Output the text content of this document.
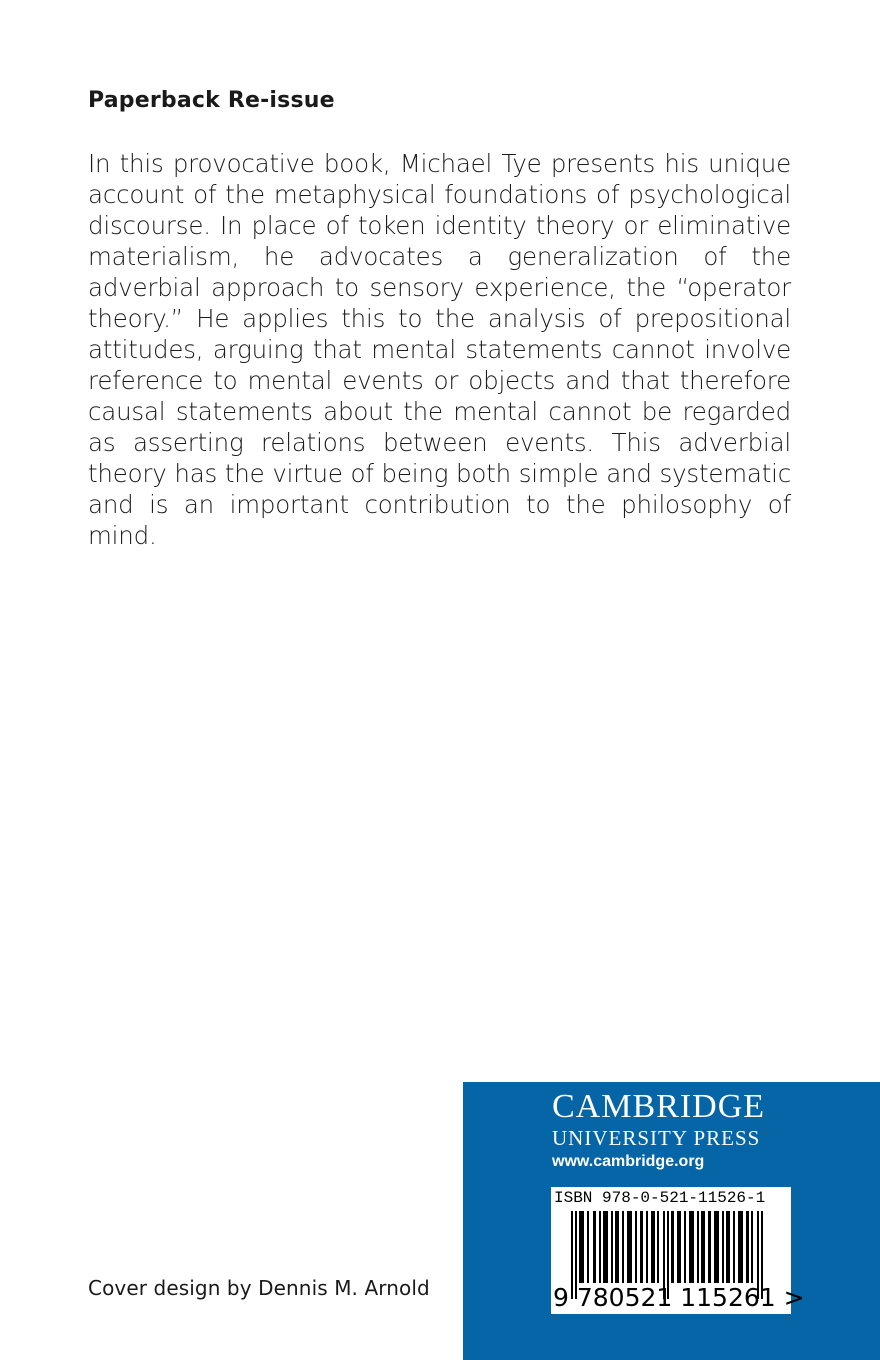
Paperback Re-issue

In this provocative book, Michael Tye presents his unique account of the metaphysical foundations of psychological discourse. In place of token identity theory or eliminative materialism, he advocates a generalization of the adverbial approach to sensory experience, the “operator theory.” He applies this to the analysis of prepositional attitudes, arguing that mental statements cannot involve reference to mental events or objects and that therefore causal statements about the mental cannot be regarded as asserting relations between events. This adverbial theory has the virtue of being both simple and systematic and is an important contribution to the philosophy of mind.

Cover design by Dennis M. Arnold
CAMBRIDGE
UNIVERSITY PRESS
www.cambridge.org
ISBN 978-0-521-11526-1
9 780521 115261 >
